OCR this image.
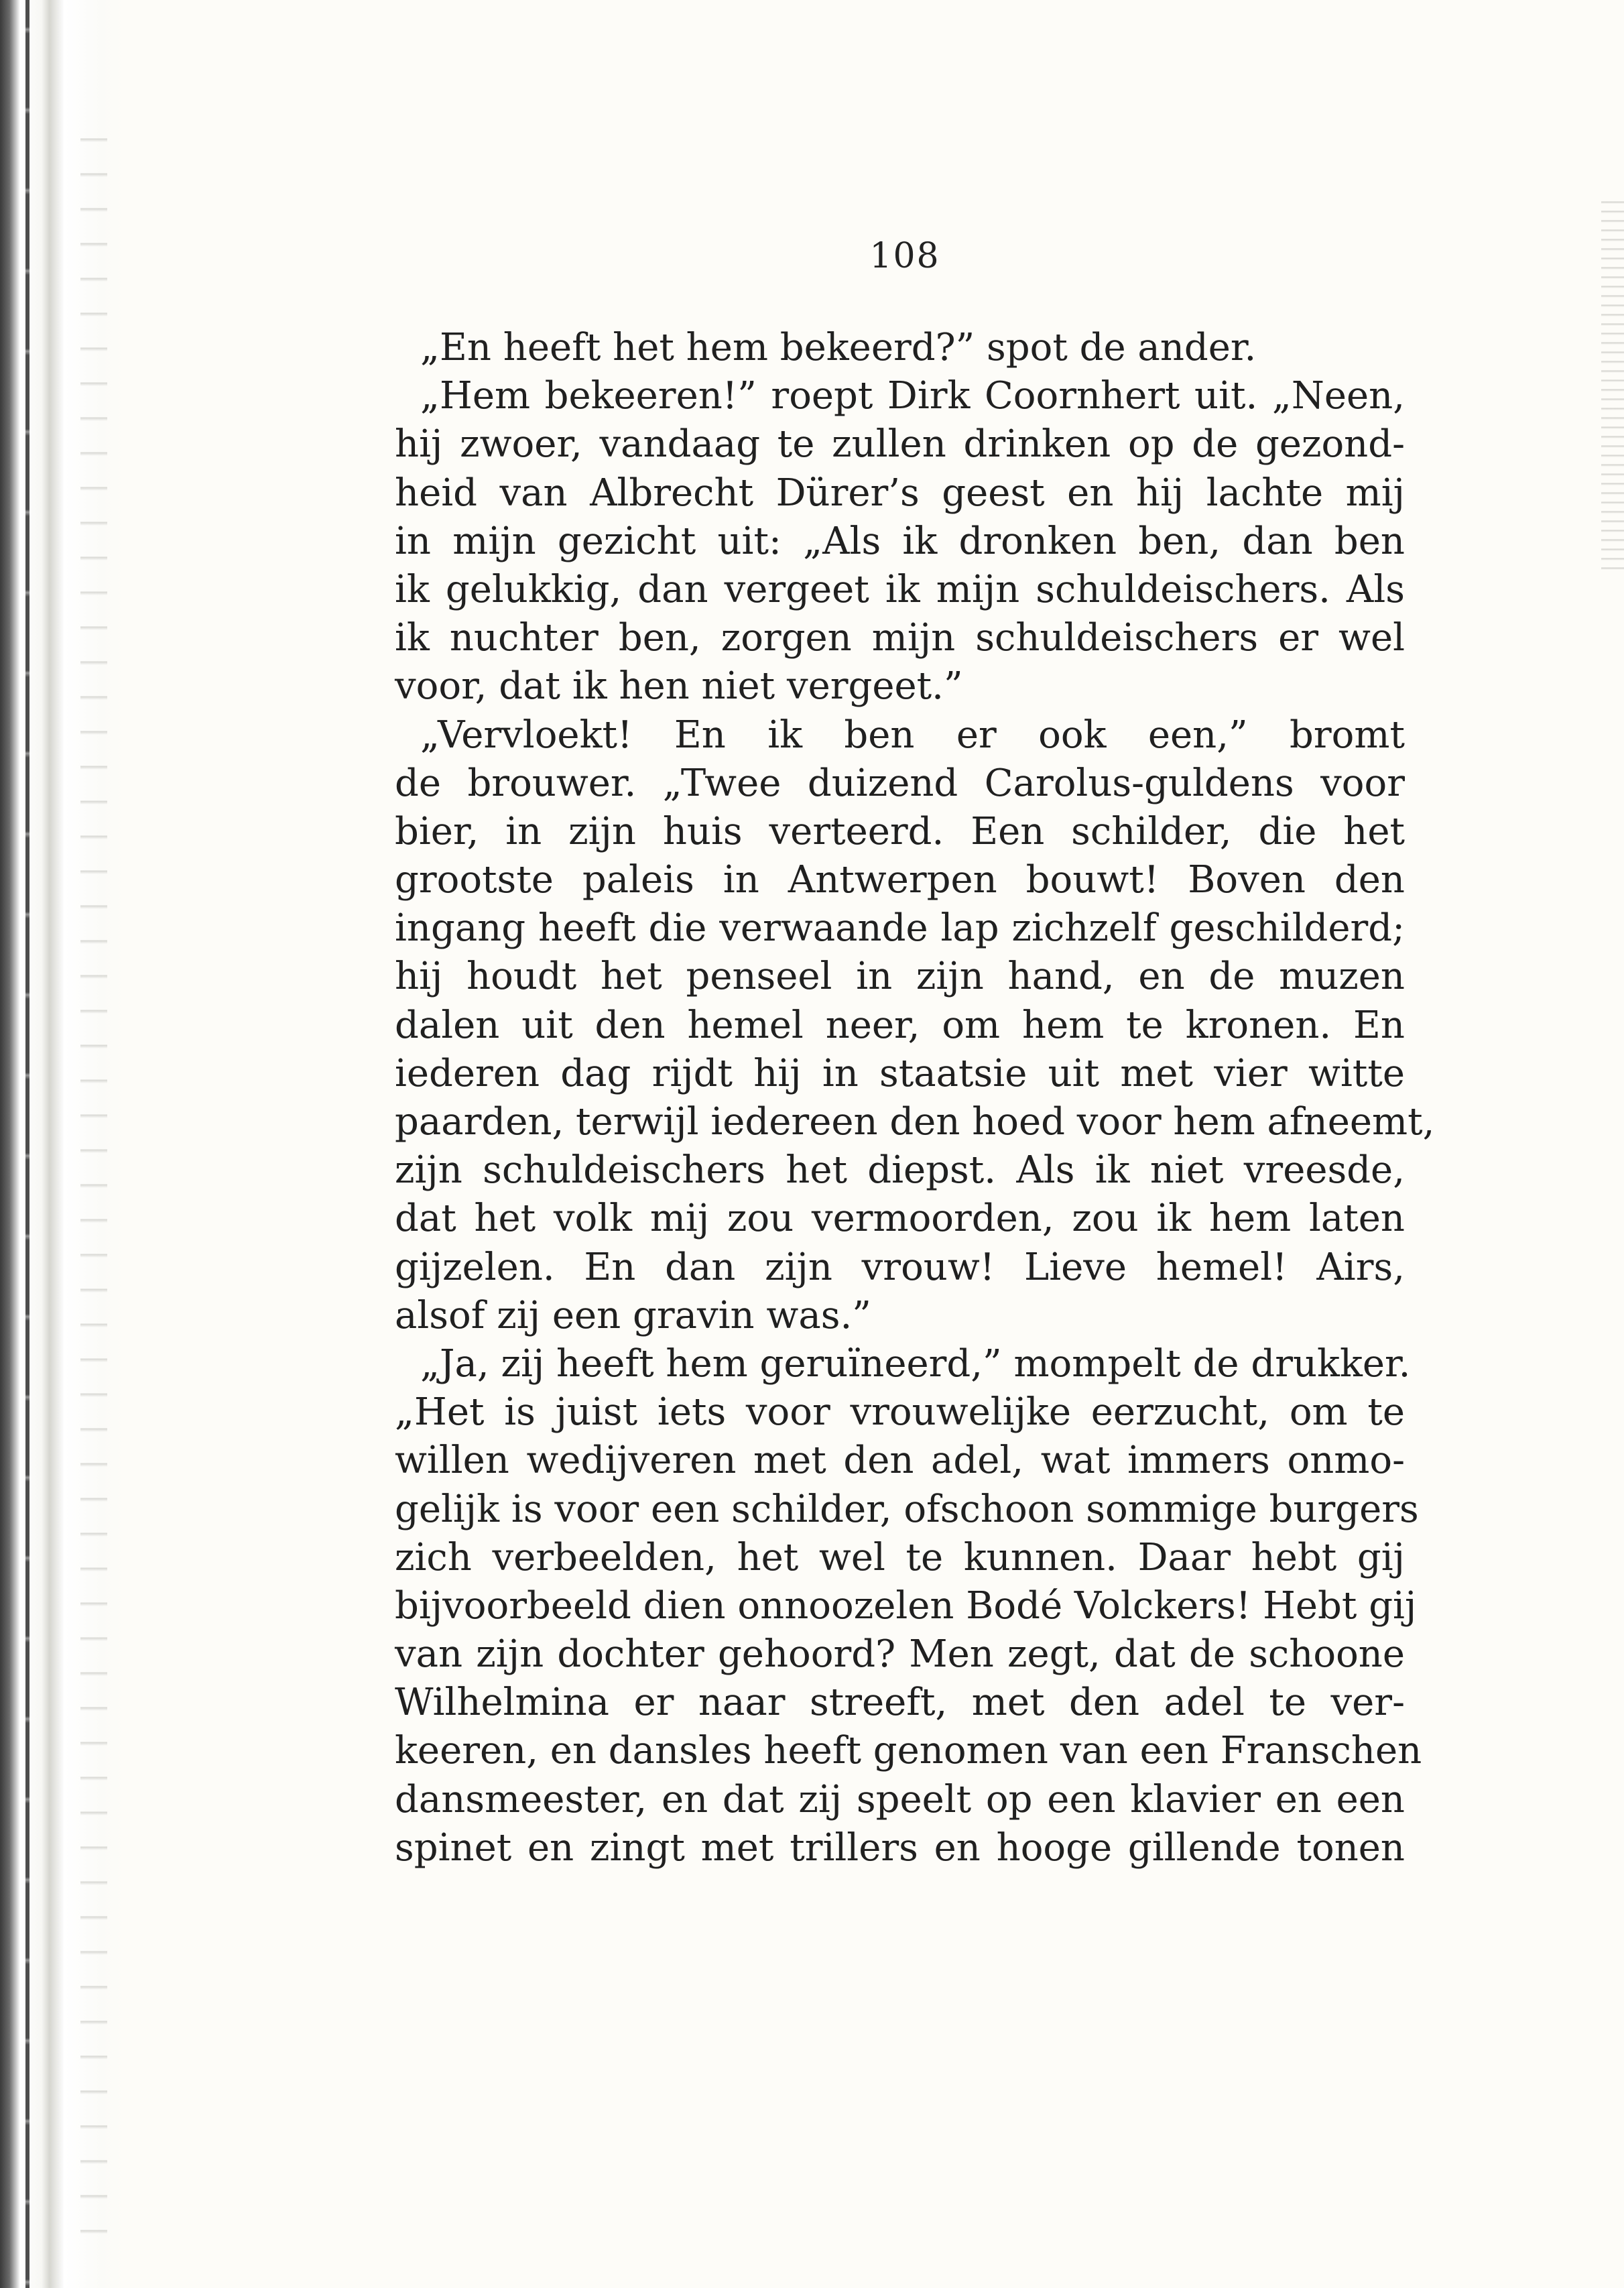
108
„En heeft het hem bekeerd?” spot de ander.
„Hem bekeeren!” roept Dirk Coornhert uit. „Neen,
hij zwoer, vandaag te zullen drinken op de gezond-
heid van Albrecht Dürer’s geest en hij lachte mij
in mijn gezicht uit: „Als ik dronken ben, dan ben
ik gelukkig, dan vergeet ik mijn schuldeischers. Als
ik nuchter ben, zorgen mijn schuldeischers er wel
voor, dat ik hen niet vergeet.”
„Vervloekt! En ik ben er ook een,” bromt
de brouwer. „Twee duizend Carolus-guldens voor
bier, in zijn huis verteerd. Een schilder, die het
grootste paleis in Antwerpen bouwt! Boven den
ingang heeft die verwaande lap zichzelf geschilderd;
hij houdt het penseel in zijn hand, en de muzen
dalen uit den hemel neer, om hem te kronen. En
iederen dag rijdt hij in staatsie uit met vier witte
paarden, terwijl iedereen den hoed voor hem afneemt,
zijn schuldeischers het diepst. Als ik niet vreesde,
dat het volk mij zou vermoorden, zou ik hem laten
gijzelen. En dan zijn vrouw! Lieve hemel! Airs,
alsof zij een gravin was.”
„Ja, zij heeft hem geruïneerd,” mompelt de drukker.
„Het is juist iets voor vrouwelijke eerzucht, om te
willen wedijveren met den adel, wat immers onmo-
gelijk is voor een schilder, ofschoon sommige burgers
zich verbeelden, het wel te kunnen. Daar hebt gij
bijvoorbeeld dien onnoozelen Bodé Volckers! Hebt gij
van zijn dochter gehoord? Men zegt, dat de schoone
Wilhelmina er naar streeft, met den adel te ver-
keeren, en dansles heeft genomen van een Franschen
dansmeester, en dat zij speelt op een klavier en een
spinet en zingt met trillers en hooge gillende tonen
